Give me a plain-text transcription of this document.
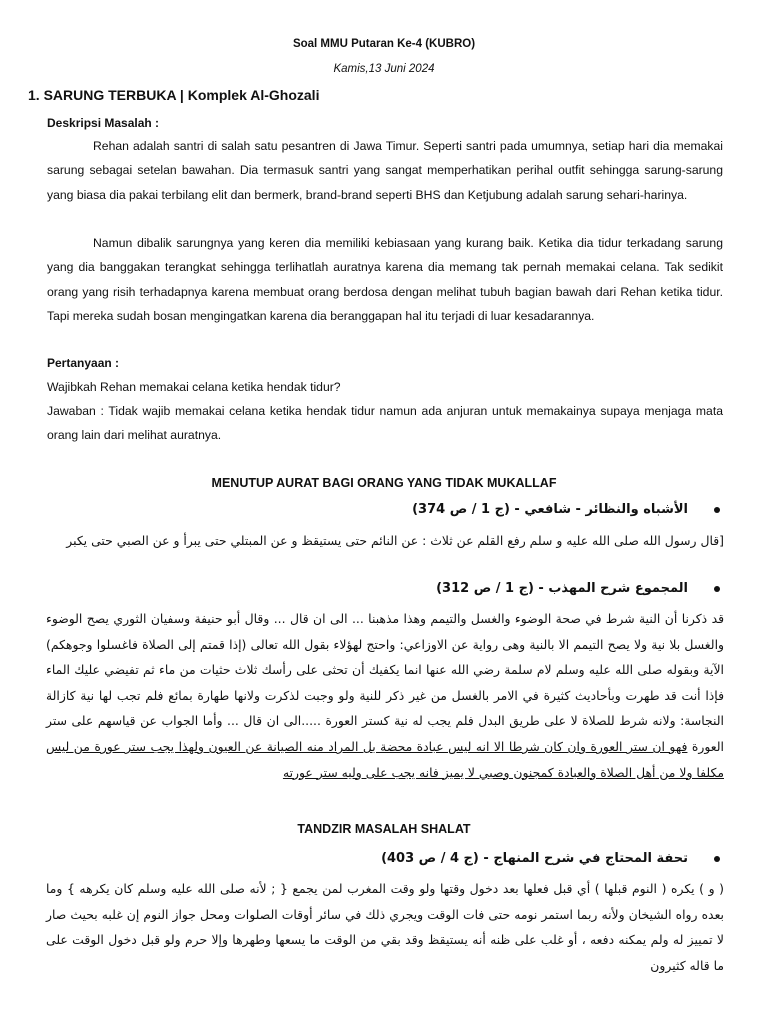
Soal MMU Putaran Ke-4 (KUBRO)
Kamis,13 Juni 2024
1. SARUNG TERBUKA | Komplek Al-Ghozali
Deskripsi Masalah :
Rehan adalah santri di salah satu pesantren di Jawa Timur. Seperti santri pada umumnya, setiap hari dia memakai sarung sebagai setelan bawahan. Dia termasuk santri yang sangat memperhatikan perihal outfit sehingga sarung-sarung yang biasa dia pakai terbilang elit dan bermerk, brand-brand seperti BHS dan Ketjubung adalah sarung sehari-harinya.
Namun dibalik sarungnya yang keren dia memiliki kebiasaan yang kurang baik. Ketika dia tidur terkadang sarung yang dia banggakan terangkat sehingga terlihatlah auratnya karena dia memang tak pernah memakai celana. Tak sedikit orang yang risih terhadapnya karena membuat orang berdosa dengan melihat tubuh bagian bawah dari Rehan ketika tidur. Tapi mereka sudah bosan mengingatkan karena dia beranggapan hal itu terjadi di luar kesadarannya.
Pertanyaan :
Wajibkah Rehan memakai celana ketika hendak tidur?
Jawaban : Tidak wajib memakai celana ketika hendak tidur namun ada anjuran untuk memakainya supaya menjaga mata orang lain dari melihat auratnya.
MENUTUP AURAT BAGI ORANG YANG TIDAK MUKALLAF
الأشباه والنظائر - شافعي - (ج 1 / ص 374)
[قال رسول الله صلى الله عليه و سلم رفع القلم عن ثلاث : عن النائم حتى يستيقظ و عن المبتلي حتى يبرأ و عن الصبي حتى يكبر
المجموع شرح المهذب - (ج 1 / ص 312)
قد ذكرنا أن النية شرط في صحة الوضوء والغسل والتيمم وهذا مذهبنا ... الى ان قال ... وقال أبو حنيفة وسفيان الثوري يصح الوضوء والغسل بلا نية ولا يصح التيمم الا بالنية وهى رواية عن الاوزاعي: واحتج لهؤلاء بقول الله تعالى (إذا قمتم إلى الصلاة فاغسلوا وجوهكم) الآية وبقوله صلى الله عليه وسلم لام سلمة رضي الله عنها انما يكفيك أن تحثى على رأسك ثلاث حثيات من ماء ثم تفيضي عليك الماء فإذا أنت قد طهرت وبأحاديث كثيرة في الامر بالغسل من غير ذكر للنية ولو وجبت لذكرت ولانها طهارة بمائع فلم تجب لها نية كازالة النجاسة: ولانه شرط للصلاة لا على طريق البدل فلم يجب له نية كستر العورة .....الى ان قال ... وأما الجواب عن قياسهم على ستر العورة فهو ان ستر العورة وان كان شرطا الا انه ليس عبادة محضة بل المراد منه الصيانة عن العيون ولهذا يجب ستر عورة من ليس مكلفا ولا من أهل الصلاة والعبادة كمجنون وصبي لا يميز فانه يجب على وليه ستر عورته
TANDZIR MASALAH SHALAT
تحفة المحتاج في شرح المنهاج - (ج 4 / ص 403)
( و ) يكره ( النوم قبلها ) أي قبل فعلها بعد دخول وقتها ولو وقت المغرب لمن يجمع { ; لأنه صلى الله عليه وسلم كان يكرهه } وما بعده رواه الشيخان ولأنه ربما استمر نومه حتى فات الوقت ويجري ذلك في سائر أوقات الصلوات ومحل جواز النوم إن غلبه بحيث صار لا تمييز له ولم يمكنه دفعه ، أو غلب على ظنه أنه يستيقظ وقد بقي من الوقت ما يسعها وطهرها وإلا حرم ولو قبل دخول الوقت على ما قاله كثيرون
